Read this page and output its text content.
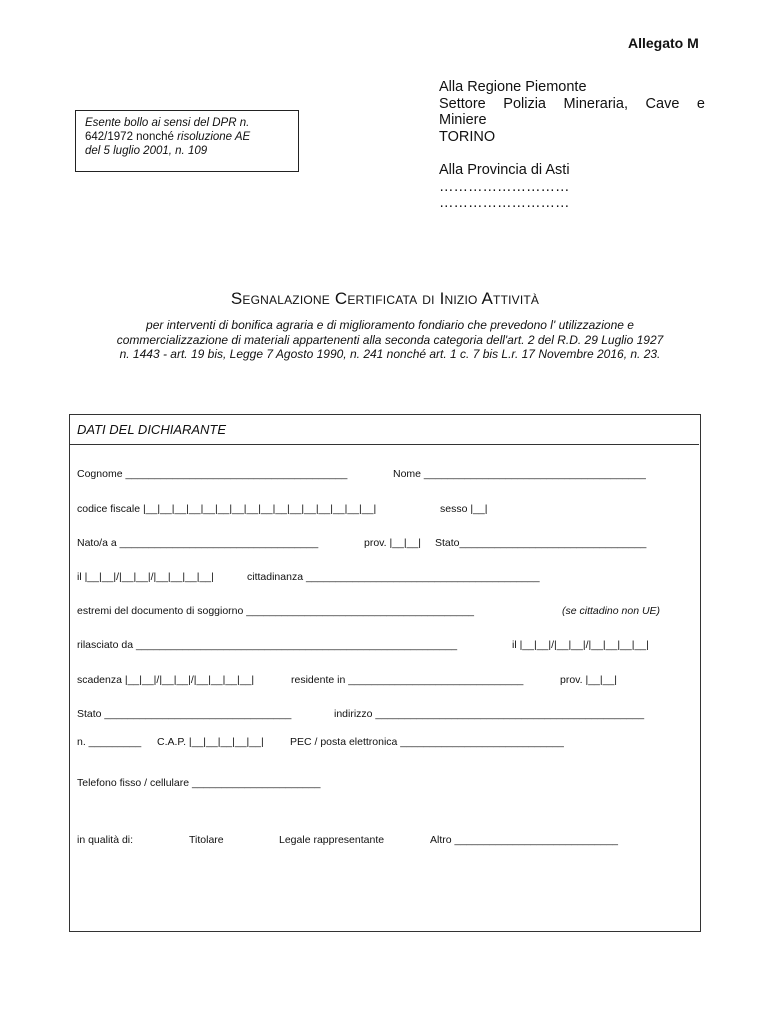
Allegato M
Alla Regione Piemonte
Settore Polizia Mineraria, Cave e
Miniere
TORINO
Alla Provincia di Asti
………………………
………………………
Esente bollo ai sensi del DPR n.
642/1972 nonché risoluzione AE
del 5 luglio 2001, n. 109
Segnalazione Certificata di Inizio Attività
per interventi di bonifica agraria e di miglioramento fondiario che prevedono l' utilizzazione e
commercializzazione di materiali appartenenti alla seconda categoria dell'art. 2 del R.D. 29 Luglio 1927
n. 1443 - art. 19 bis, Legge 7 Agosto 1990, n. 241 nonché art. 1 c. 7 bis L.r. 17 Novembre 2016, n. 23.
DATI DEL DICHIARANTE
Cognome ______________________________________	Nome ______________________________________
codice fiscale |__|__|__|__|__|__|__|__|__|__|__|__|__|__|__|__|	sesso |__|
Nato/a a __________________________________	prov. |__|__| Stato________________________________
il |__|__|/|__|__|/|__|__|__|__|	cittadinanza ________________________________________
estremi del documento di soggiorno _______________________________________	(se cittadino non UE)
rilasciato da _______________________________________________________	il |__|__|/|__|__|/|__|__|__|__|
scadenza |__|__|/|__|__|/|__|__|__|__|	residente in ______________________________	prov. |__|__|
Stato ________________________________	indirizzo ______________________________________________
n. _________ C.A.P. |__|__|__|__|__|	PEC / posta elettronica ____________________________
Telefono fisso / cellulare ______________________
in qualità di:	Titolare	Legale rappresentante	Altro ____________________________
